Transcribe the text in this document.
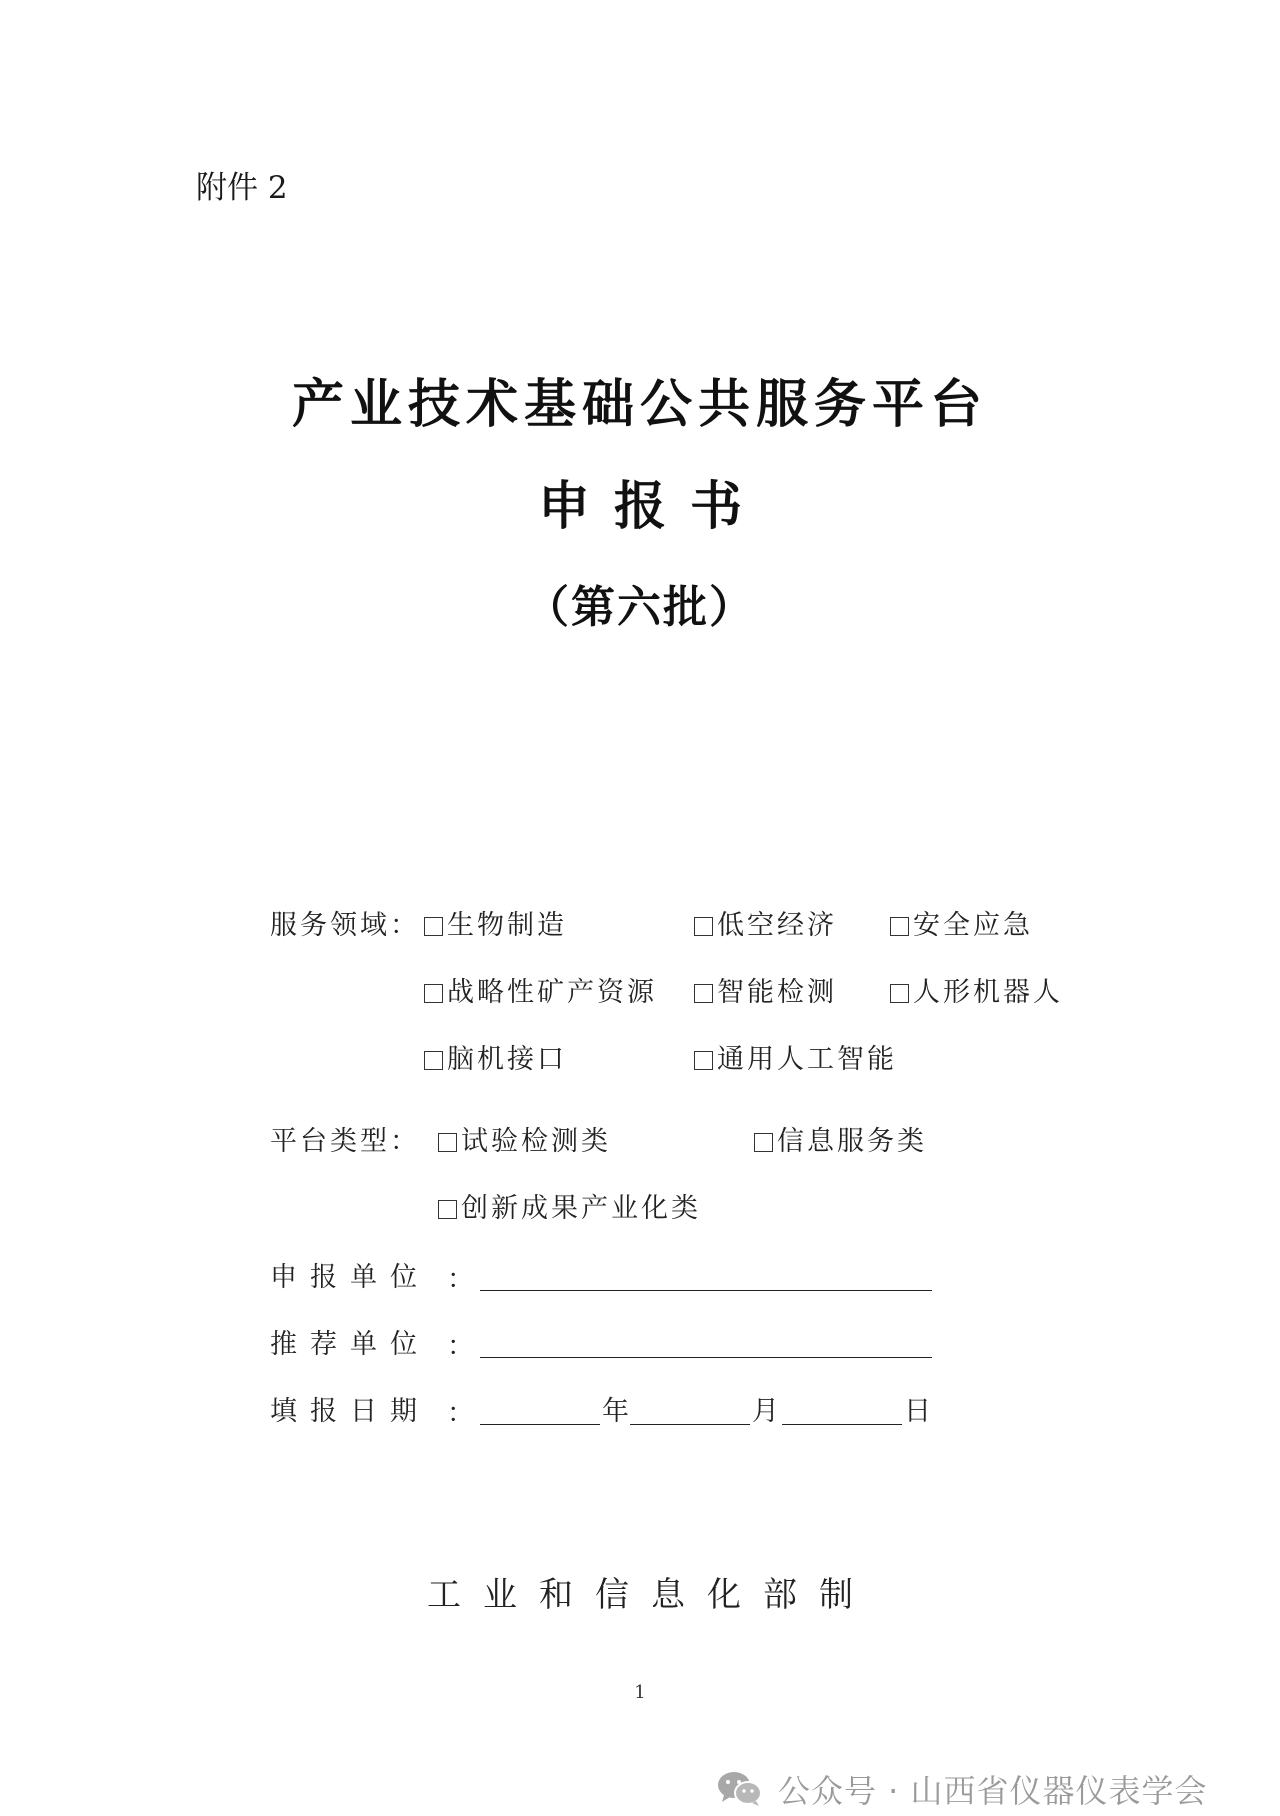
附件 2
产业技术基础公共服务平台
申报书
（第六批）
服务领域： 生物制造	低空经济	安全应急
战略性矿产资源 智能检测	人形机器人
脑机接口	通用人工智能
平台类型： 试验检测类	信息服务类
创新成果产业化类
申报单位 ：
推荐单位 ：
填报日期 ：	年	月	日
工业和信息化部制
1
公众号 · 山西省仪器仪表学会
